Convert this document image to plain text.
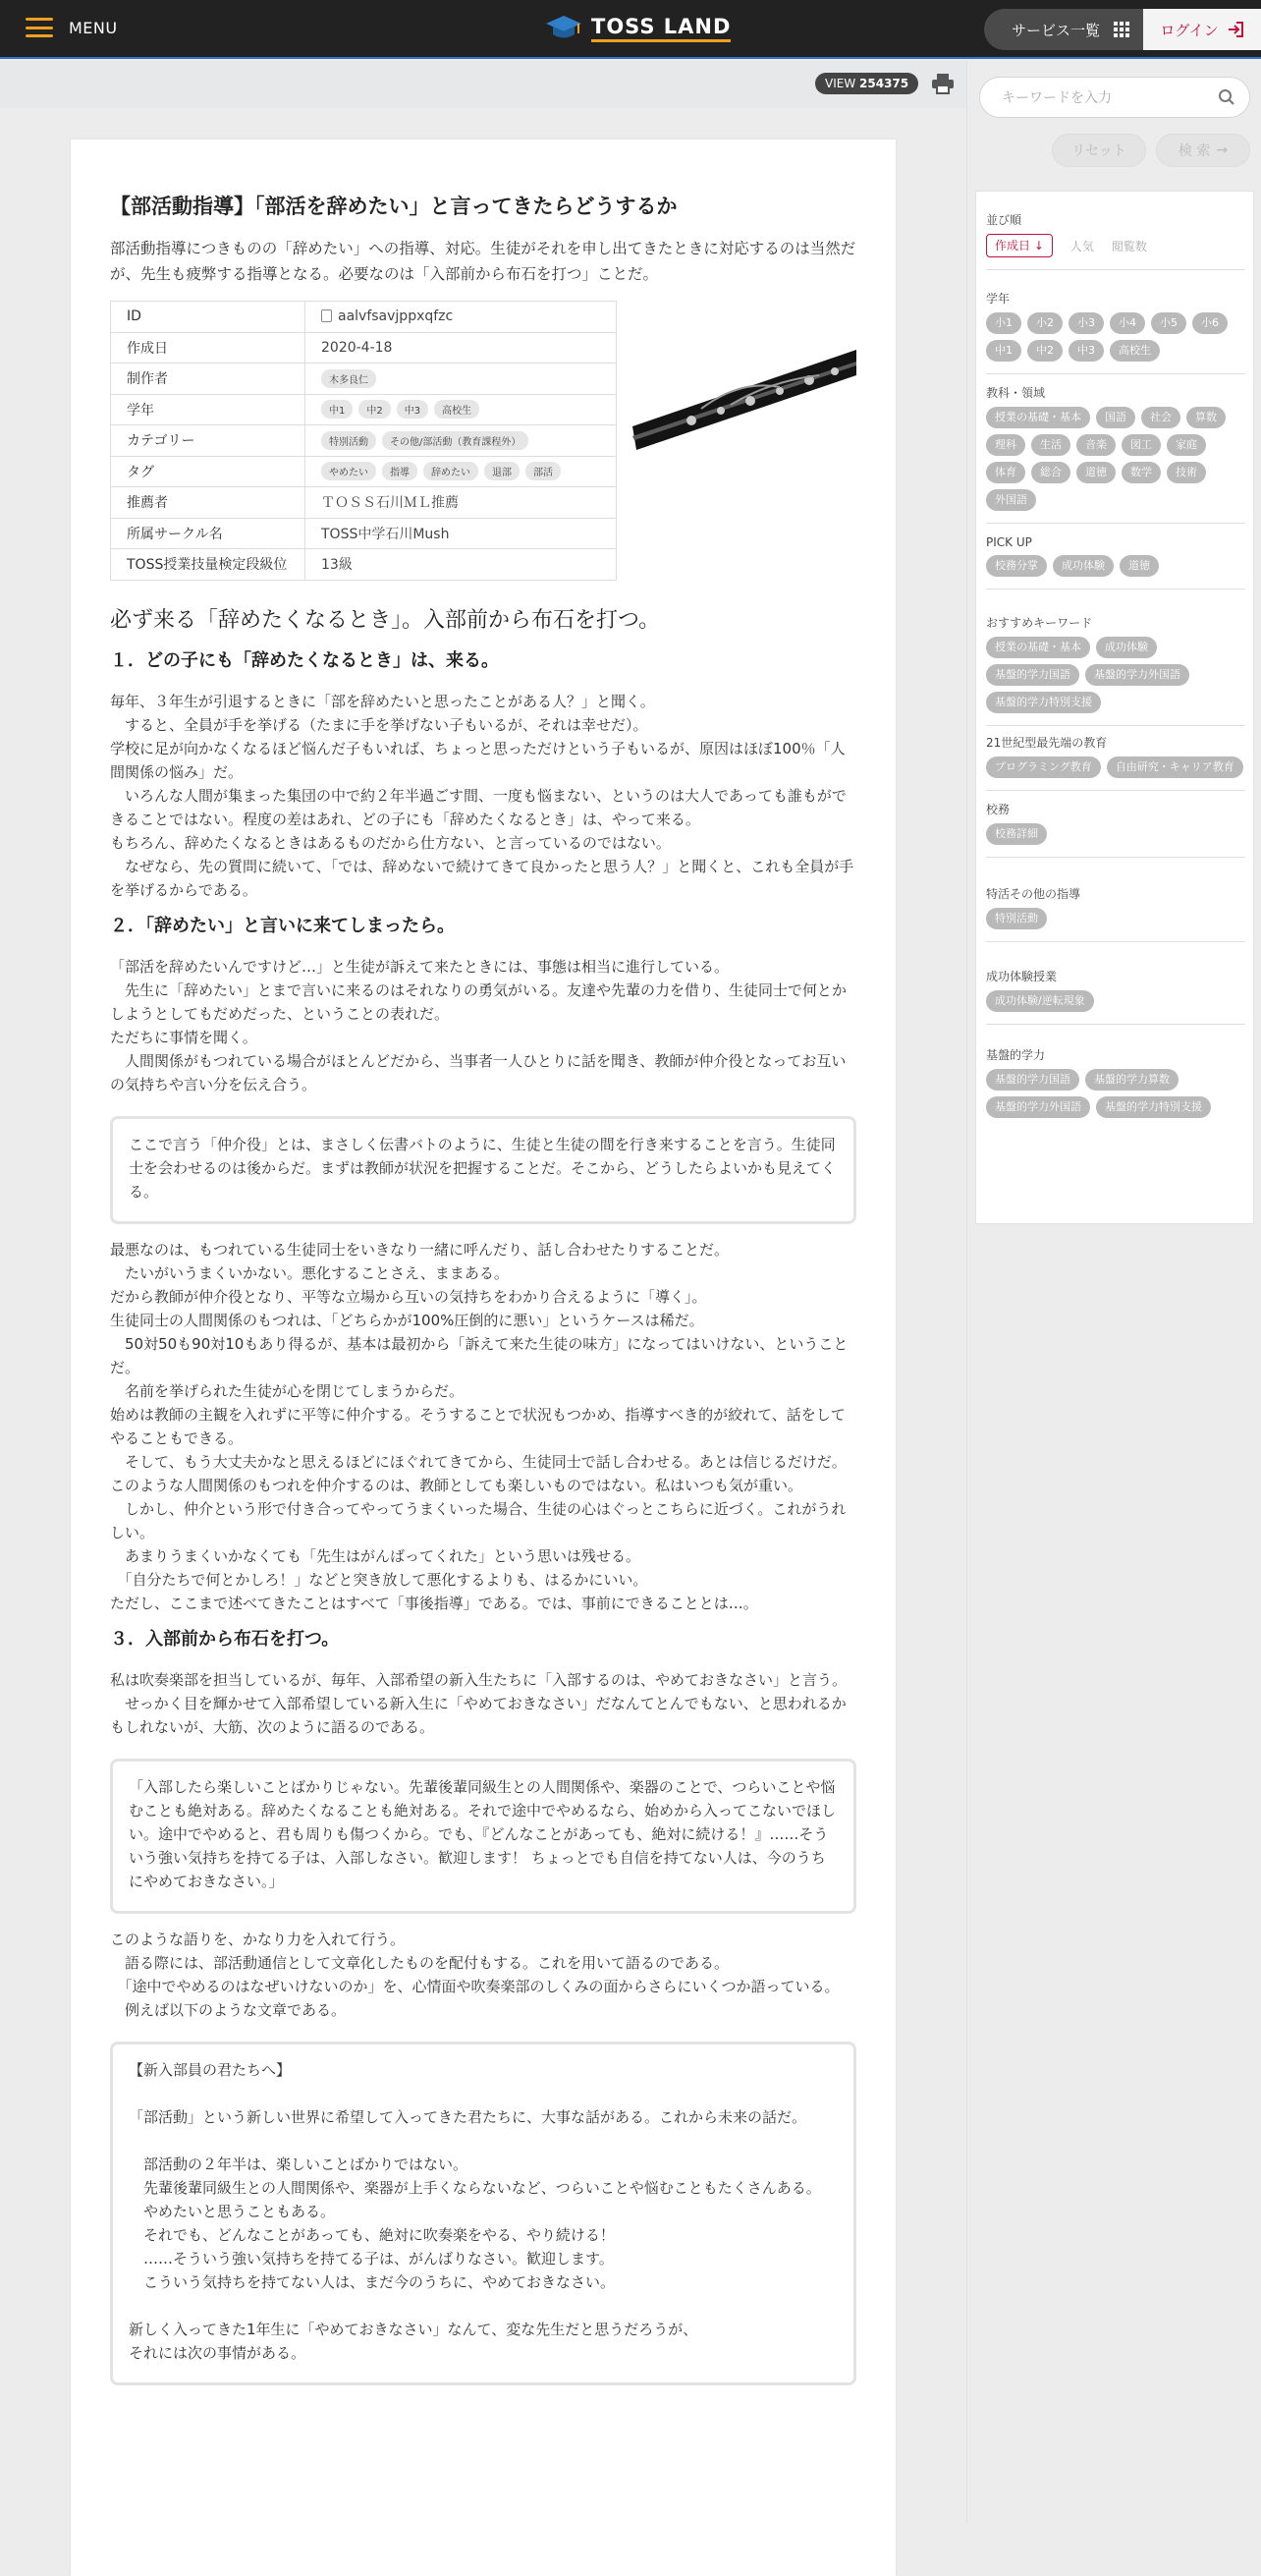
MENU	TOSS LAND	サービス一覧	ログイン
VIEW 254375
【部活動指導】「部活を辞めたい」と言ってきたらどうするか

部活動指導につきものの「辞めたい」への指導、対応。生徒がそれを申し出てきたときに対応するのは当然だが、先生も疲弊する指導となる。必要なのは「入部前から布石を打つ」ことだ。

ID	aalvfsavjppxqfzc
作成日	2020-4-18
制作者	木多良仁
学年	中1 中2 中3 高校生
カテゴリー	特別活動 その他/部活動（教育課程外）
タグ	やめたい 指導 辞めたい 退部 部活
推薦者	ＴＯＳＳ石川ＭＬ推薦
所属サークル名	TOSS中学石川Mush
TOSS授業技量検定段級位	13級
必ず来る「辞めたくなるとき」。入部前から布石を打つ。
１．どの子にも「辞めたくなるとき」は、来る。

毎年、３年生が引退するときに「部を辞めたいと思ったことがある人？」と聞く。
　すると、全員が手を挙げる（たまに手を挙げない子もいるが、それは幸せだ）。
学校に足が向かなくなるほど悩んだ子もいれば、ちょっと思っただけという子もいるが、原因はほぼ100％「人間関係の悩み」だ。
　いろんな人間が集まった集団の中で約２年半過ごす間、一度も悩まない、というのは大人であっても誰もができることではない。程度の差はあれ、どの子にも「辞めたくなるとき」は、やって来る。
もちろん、辞めたくなるときはあるものだから仕方ない、と言っているのではない。
　なぜなら、先の質問に続いて、「では、辞めないで続けてきて良かったと思う人？」と聞くと、これも全員が手を挙げるからである。

２．「辞めたい」と言いに来てしまったら。

「部活を辞めたいんですけど…」と生徒が訴えて来たときには、事態は相当に進行している。
　先生に「辞めたい」とまで言いに来るのはそれなりの勇気がいる。友達や先輩の力を借り、生徒同士で何とかしようとしてもだめだった、ということの表れだ。
ただちに事情を聞く。
　人間関係がもつれている場合がほとんどだから、当事者一人ひとりに話を聞き、教師が仲介役となってお互いの気持ちや言い分を伝え合う。

ここで言う「仲介役」とは、まさしく伝書バトのように、生徒と生徒の間を行き来することを言う。生徒同士を会わせるのは後からだ。まずは教師が状況を把握することだ。そこから、どうしたらよいかも見えてくる。

最悪なのは、もつれている生徒同士をいきなり一緒に呼んだり、話し合わせたりすることだ。
　たいがいうまくいかない。悪化することさえ、ままある。
だから教師が仲介役となり、平等な立場から互いの気持ちをわかり合えるように「導く」。
生徒同士の人間関係のもつれは、「どちらかが100%圧倒的に悪い」というケースは稀だ。
　50対50も90対10もあり得るが、基本は最初から「訴えて来た生徒の味方」になってはいけない、ということだ。
　名前を挙げられた生徒が心を閉じてしまうからだ。
始めは教師の主観を入れずに平等に仲介する。そうすることで状況もつかめ、指導すべき的が絞れて、話をしてやることもできる。
　そして、もう大丈夫かなと思えるほどにほぐれてきてから、生徒同士で話し合わせる。あとは信じるだけだ。
このような人間関係のもつれを仲介するのは、教師としても楽しいものではない。私はいつも気が重い。
　しかし、仲介という形で付き合ってやってうまくいった場合、生徒の心はぐっとこちらに近づく。これがうれしい。
　あまりうまくいかなくても「先生はがんばってくれた」という思いは残せる。
　「自分たちで何とかしろ！」などと突き放して悪化するよりも、はるかにいい。
ただし、ここまで述べてきたことはすべて「事後指導」である。では、事前にできることとは…。

３．入部前から布石を打つ。

私は吹奏楽部を担当しているが、毎年、入部希望の新入生たちに「入部するのは、やめておきなさい」と言う。
　せっかく目を輝かせて入部希望している新入生に「やめておきなさい」だなんてとんでもない、と思われるかもしれないが、大筋、次のように語るのである。

「入部したら楽しいことばかりじゃない。先輩後輩同級生との人間関係や、楽器のことで、つらいことや悩むことも絶対ある。辞めたくなることも絶対ある。それで途中でやめるなら、始めから入ってこないでほしい。途中でやめると、君も周りも傷つくから。でも、『どんなことがあっても、絶対に続ける！』……そういう強い気持ちを持てる子は、入部しなさい。歓迎します！ ちょっとでも自信を持てない人は、今のうちにやめておきなさい。」

このような語りを、かなり力を入れて行う。
　語る際には、部活動通信として文章化したものを配付もする。これを用いて語るのである。
　「途中でやめるのはなぜいけないのか」を、心情面や吹奏楽部のしくみの面からさらにいくつか語っている。
　例えば以下のような文章である。

【新入部員の君たちへ】

「部活動」という新しい世界に希望して入ってきた君たちに、大事な話がある。これから未来の話だ。

　部活動の２年半は、楽しいことばかりではない。
　先輩後輩同級生との人間関係や、楽器が上手くならないなど、つらいことや悩むこともたくさんある。
　やめたいと思うこともある。
　それでも、どんなことがあっても、絶対に吹奏楽をやる、やり続ける！
　……そういう強い気持ちを持てる子は、がんばりなさい。歓迎します。
　こういう気持ちを持てない人は、まだ今のうちに、やめておきなさい。

新しく入ってきた1年生に「やめておきなさい」なんて、変な先生だと思うだろうが、
それには次の事情がある。
キーワードを入力
リセット	検 索 →
並び順
作成日 ↓	人気 閲覧数
学年
小1	小2	小3	小4	小5	小6
中1	中2	中3	高校生
教科・領域
授業の基礎・基本	国語	社会	算数
理科	生活	音楽	図工	家庭
体育	総合	道徳	数学	技術
外国語
PICK UP
校務分掌	成功体験	道徳
おすすめキーワード
授業の基礎・基本	成功体験
基盤的学力国語	基盤的学力外国語
基盤的学力特別支援
21世紀型最先端の教育
プログラミング教育	自由研究・キャリア教育
校務
校務詳細
特活その他の指導
特別活動
成功体験授業
成功体験/逆転現象
基盤的学力
基盤的学力国語	基盤的学力算数
基盤的学力外国語	基盤的学力特別支援
